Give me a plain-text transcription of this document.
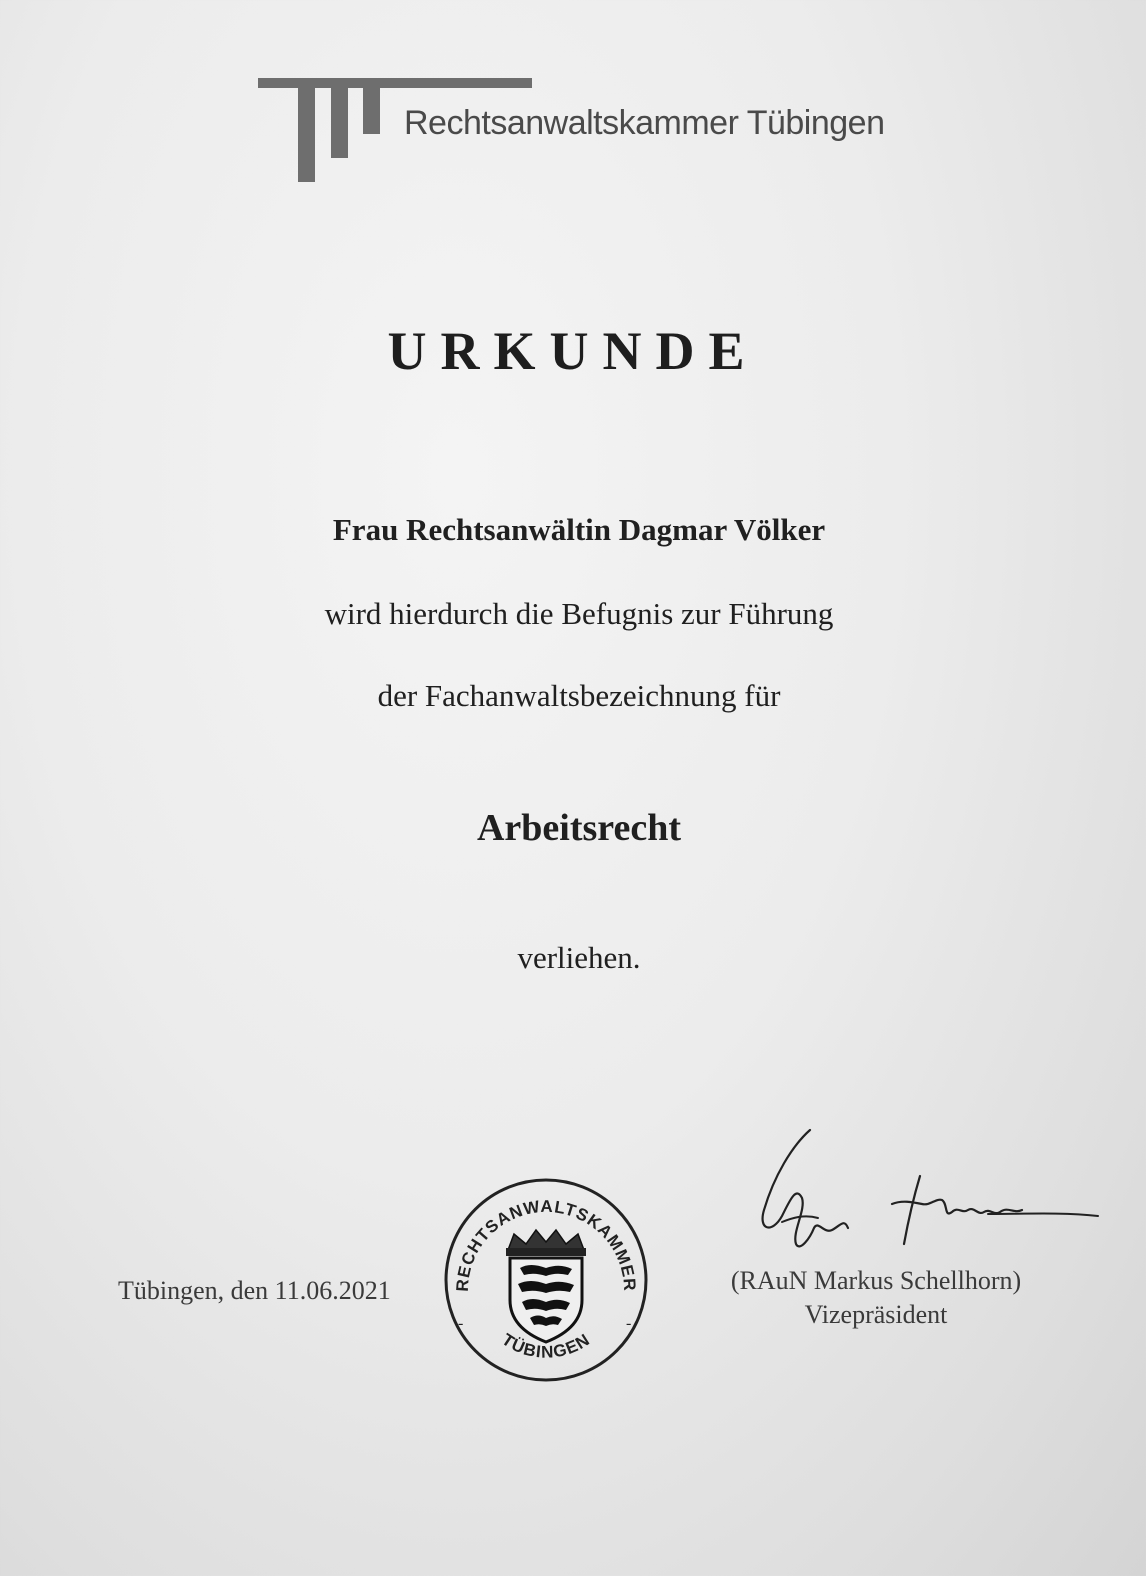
Rechtsanwaltskammer Tübingen
URKUNDE
Frau Rechtsanwältin Dagmar Völker
wird hierdurch die Befugnis zur Führung
der Fachanwaltsbezeichnung für
Arbeitsrecht
verliehen.
Tübingen, den 11.06.2021	RECHTSANWALTSKAMMER
TÜBINGEN
-	-
(RAuN Markus Schellhorn)
Vizepräsident
